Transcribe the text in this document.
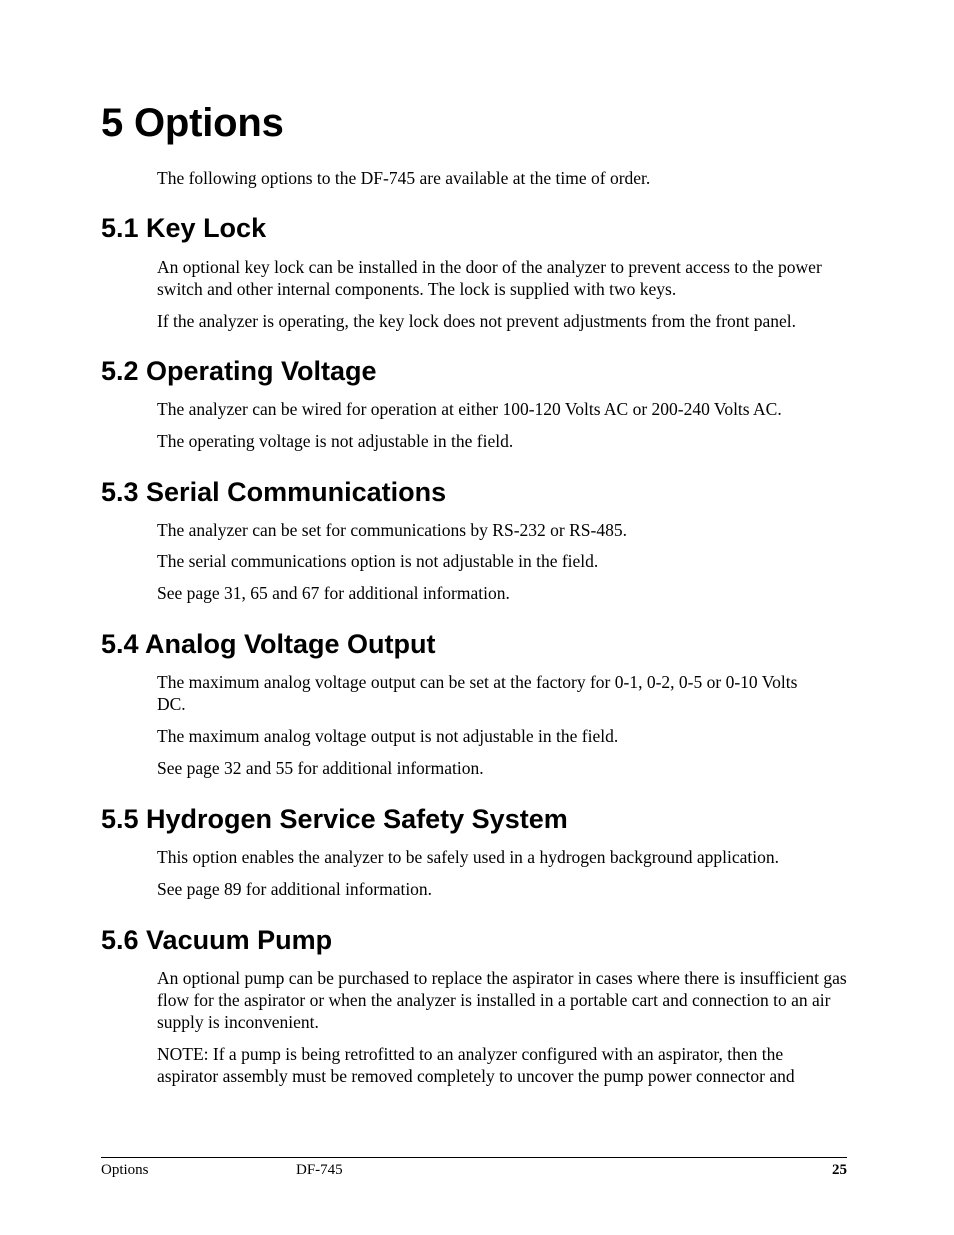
5 Options

The following options to the DF-745 are available at the time of order.

5.1 Key Lock

An optional key lock can be installed in the door of the analyzer to prevent access to the power switch and other internal components. The lock is supplied with two keys.

If the analyzer is operating, the key lock does not prevent adjustments from the front panel.

5.2 Operating Voltage

The analyzer can be wired for operation at either 100-120 Volts AC or 200-240 Volts AC.

The operating voltage is not adjustable in the field.

5.3 Serial Communications

The analyzer can be set for communications by RS-232 or RS-485.

The serial communications option is not adjustable in the field.

See page 31, 65 and 67 for additional information.

5.4 Analog Voltage Output

The maximum analog voltage output can be set at the factory for 0-1, 0-2, 0-5 or 0-10 Volts DC.

The maximum analog voltage output is not adjustable in the field.

See page 32 and 55 for additional information.

5.5 Hydrogen Service Safety System

This option enables the analyzer to be safely used in a hydrogen background application.

See page 89 for additional information.

5.6 Vacuum Pump

An optional pump can be purchased to replace the aspirator in cases where there is insufficient gas flow for the aspirator or when the analyzer is installed in a portable cart and connection to an air supply is inconvenient.

NOTE: If a pump is being retrofitted to an analyzer configured with an aspirator, then the aspirator assembly must be removed completely to uncover the pump power connector and

Options	DF-745	25
